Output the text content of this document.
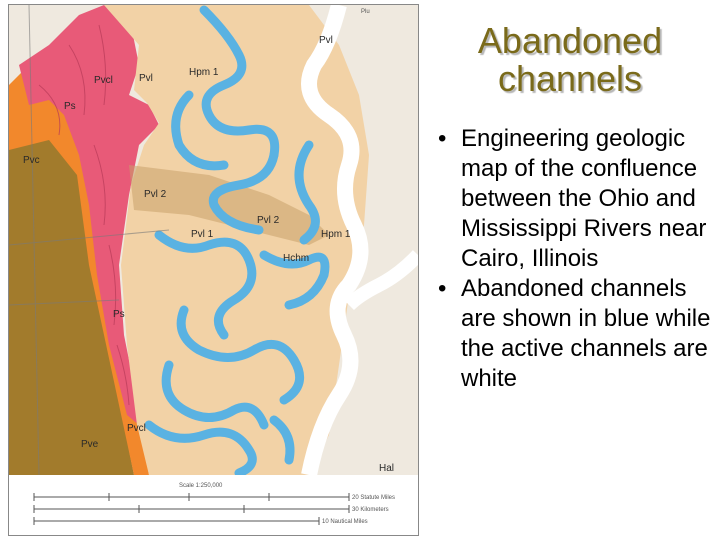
Pvl
Pvcl	Pvl
Hpm 1
Ps
Pvc
Pvl 2
Pvl 2
Pvl 1	Hpm 1
Hchm
Ps
Pvcl
Pve
Hal
Plu
Scale 1:250,000
20 Statute Miles
30 Kilometers
10 Nautical Miles
Abandoned
channels
• Engineering geologic map of the confluence between the Ohio and Mississippi Rivers near Cairo, Illinois
• Abandoned channels are shown in blue while the active channels are white
